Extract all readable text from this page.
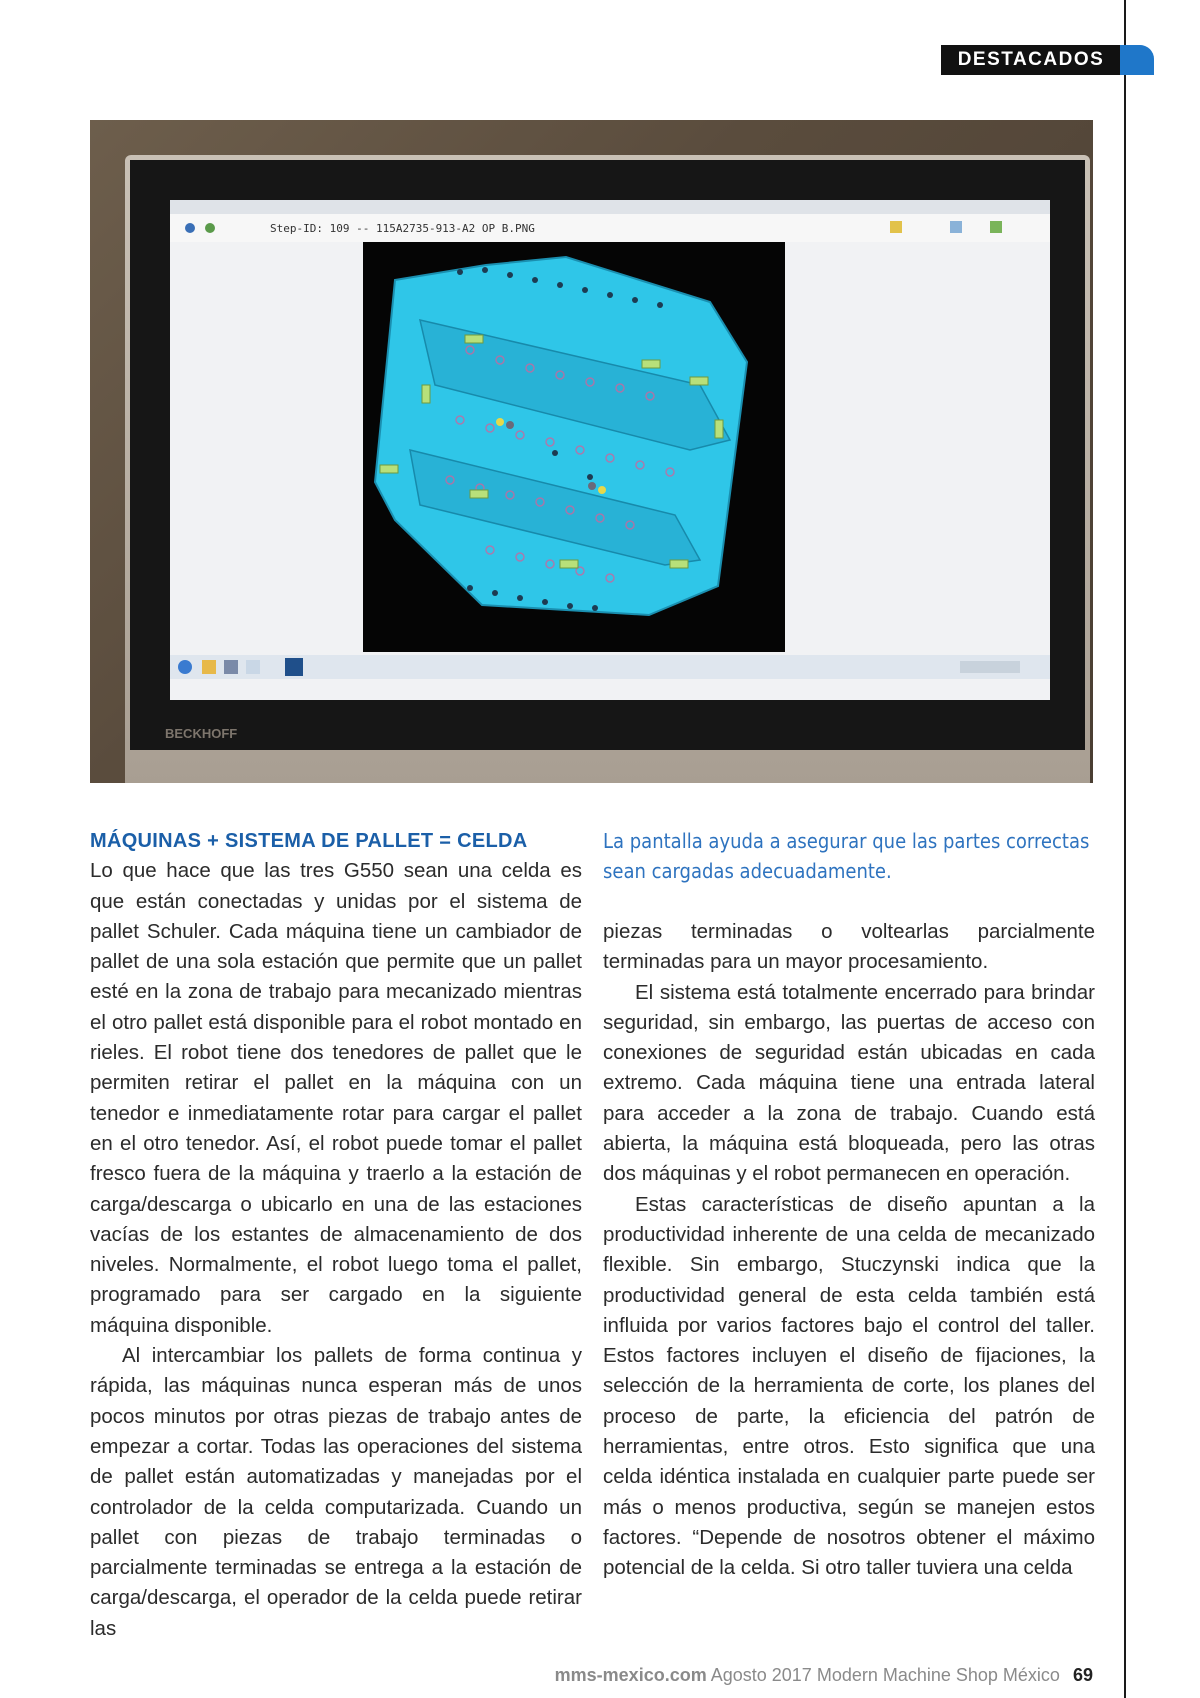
DESTACADOS
BECKHOFF
Step-ID: 109 -- 115A2735-913-A2 OP B.PNG

MÁQUINAS + SISTEMA DE PALLET = CELDA

Lo que hace que las tres G550 sean una celda es que están conectadas y unidas por el sistema de pallet Schuler. Cada máquina tiene un cambiador de pallet de una sola estación que permite que un pallet esté en la zona de trabajo para mecanizado mientras el otro pallet está disponible para el robot montado en rieles. El robot tiene dos tenedores de pallet que le permiten retirar el pallet en la máquina con un tenedor e inmediatamente rotar para cargar el pallet en el otro tenedor. Así, el robot puede tomar el pallet fresco fuera de la máquina y traerlo a la estación de carga/descarga o ubicarlo en una de las estaciones vacías de los estantes de almacenamiento de dos niveles. Normalmente, el robot luego toma el pallet, programado para ser cargado en la siguiente máquina disponible.

Al intercambiar los pallets de forma continua y rápida, las máquinas nunca esperan más de unos pocos minutos por otras piezas de trabajo antes de empezar a cortar. Todas las operaciones del sistema de pallet están automatizadas y manejadas por el controlador de la celda computarizada. Cuando un pallet con piezas de trabajo terminadas o parcialmente terminadas se entrega a la estación de carga/descarga, el operador de la celda puede retirar las

La pantalla ayuda a asegurar que las partes correctas sean cargadas adecuadamente.

piezas terminadas o voltearlas parcialmente terminadas para un mayor procesamiento.

El sistema está totalmente encerrado para brindar seguridad, sin embargo, las puertas de acceso con conexiones de seguridad están ubicadas en cada extremo. Cada máquina tiene una entrada lateral para acceder a la zona de trabajo. Cuando está abierta, la máquina está bloqueada, pero las otras dos máquinas y el robot permanecen en operación.

Estas características de diseño apuntan a la productividad inherente de una celda de mecanizado flexible. Sin embargo, Stuczynski indica que la productividad general de esta celda también está influida por varios factores bajo el control del taller. Estos factores incluyen el diseño de fijaciones, la selección de la herramienta de corte, los planes del proceso de parte, la eficiencia del patrón de herramientas, entre otros. Esto significa que una celda idéntica instalada en cualquier parte puede ser más o menos productiva, según se manejen estos factores. “Depende de nosotros obtener el máximo potencial de la celda. Si otro taller tuviera una celda

mms-mexico.com Agosto 2017 Modern Machine Shop México 69
